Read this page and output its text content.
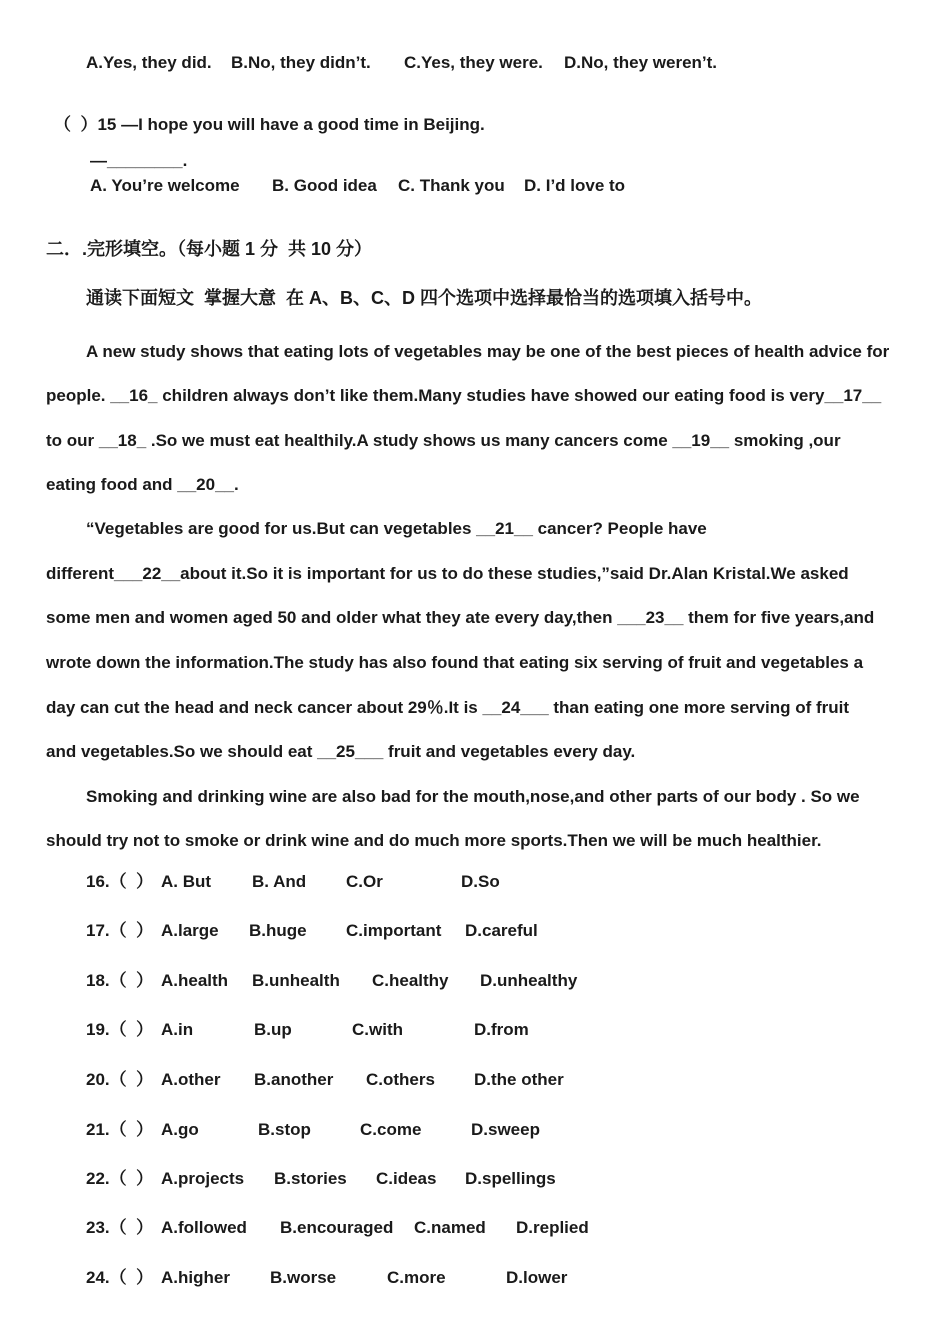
A.Yes, they did. B.No, they didn’t. C.Yes, they were. D.No, they weren’t.
（  ）15 —I hope you will have a good time in Beijing.
—________.
A. You’re welcome B. Good idea C. Thank you D. I’d love to
二．.完形填空。（每小题 1 分  共 10 分）
通读下面短文  掌握大意  在 A、B、C、D 四个选项中选择最恰当的选项填入括号中。
A new study shows that eating lots of vegetables may be one of the best pieces of health advice for
people. __16_ children always don’t like them.Many studies have showed our eating food is very__17__
to our __18_ .So we must eat healthily.A study shows us many cancers come __19__ smoking ,our
eating food and __20__.
“Vegetables are good for us.But can vegetables __21__ cancer? People have
different___22__about it.So it is important for us to do these studies,”said Dr.Alan Kristal.We asked
some men and women aged 50 and older what they ate every day,then ___23__ them for five years,and
wrote down the information.The study has also found that eating six serving of fruit and vegetables a
day can cut the head and neck cancer about 29％.It is __24___ than eating one more serving of fruit
and vegetables.So we should eat __25___ fruit and vegetables every day.
Smoking and drinking wine are also bad for the mouth,nose,and other parts of our body . So we
should try not to smoke or drink wine and do much more sports.Then we will be much healthier.
16.（  ） A. But B. And C.Or	D.So
17.（  ） A.large B.huge C.important D.careful
18.（  ） A.health B.unhealth C.healthy D.unhealthy
19.（  ） A.in	B.up	C.with	D.from
20.（  ） A.other B.another C.others D.the other
21.（  ） A.go	B.stop	C.come	D.sweep
22.（  ） A.projects B.stories C.ideas D.spellings
23.（  ） A.followed B.encouraged C.named D.replied
24.（  ） A.higher B.worse	C.more	D.lower
